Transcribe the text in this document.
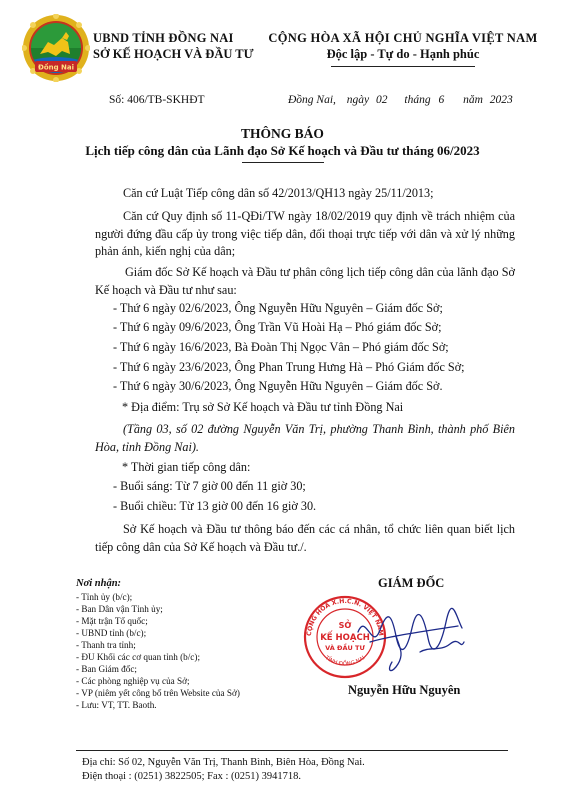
Đồng Nai
UBND TỈNH ĐỒNG NAI
SỞ KẾ HOẠCH VÀ ĐẦU TƯ
CỘNG HÒA XÃ HỘI CHỦ NGHĨA VIỆT NAM
Độc lập - Tự do - Hạnh phúc
Số: 406/TB-SKHĐT	Đồng Nai, ngày 02 tháng 6 năm 2023
THÔNG BÁO
Lịch tiếp công dân của Lãnh đạo Sở Kế hoạch và Đầu tư tháng 06/2023
Căn cứ Luật Tiếp công dân số 42/2013/QH13 ngày 25/11/2013;
Căn cứ Quy định số 11-QĐi/TW ngày 18/02/2019 quy định về trách nhiệm của người đứng đầu cấp ủy trong việc tiếp dân, đối thoại trực tiếp với dân và xử lý những phản ánh, kiến nghị của dân;
Giám đốc Sở Kế hoạch và Đầu tư phân công lịch tiếp công dân của lãnh đạo Sở Kế hoạch và Đầu tư như sau:
- Thứ 6 ngày 02/6/2023, Ông Nguyễn Hữu Nguyên – Giám đốc Sở;
- Thứ 6 ngày 09/6/2023, Ông Trần Vũ Hoài Hạ – Phó giám đốc Sở;
- Thứ 6 ngày 16/6/2023, Bà Đoàn Thị Ngọc Vân – Phó giám đốc Sở;
- Thứ 6 ngày 23/6/2023, Ông Phan Trung Hưng Hà – Phó Giám đốc Sở;
- Thứ 6 ngày 30/6/2023, Ông Nguyễn Hữu Nguyên – Giám đốc Sở.
* Địa điểm: Trụ sở Sở Kế hoạch và Đầu tư tỉnh Đồng Nai
(Tầng 03, số 02 đường Nguyễn Văn Trị, phường Thanh Bình, thành phố Biên Hòa, tỉnh Đồng Nai).
* Thời gian tiếp công dân:
- Buổi sáng: Từ 7 giờ 00 đến 11 giờ 30;
- Buổi chiều: Từ 13 giờ 00 đến 16 giờ 30.
Sở Kế hoạch và Đầu tư thông báo đến các cá nhân, tổ chức liên quan biết lịch tiếp công dân của Sở Kế hoạch và Đầu tư./.
Nơi nhận:
- Tỉnh ủy (b/c);
- Ban Dân vận Tỉnh ủy;
- Mặt trận Tổ quốc;
- UBND tỉnh (b/c);
- Thanh tra tỉnh;
- ĐU Khối các cơ quan tỉnh (b/c);
- Ban Giám đốc;
- Các phòng nghiệp vụ của Sở;
- VP (niêm yết công bố trên Website của Sở)
- Lưu: VT, TT. Baoth.
GIÁM ĐỐC
CỘNG HÒA X.H.C.N. VIỆT NAM
TỈNH ĐỒNG NAI
SỞ
KẾ HOẠCH
VÀ ĐẦU TƯ
Nguyễn Hữu Nguyên
Địa chỉ: Số 02, Nguyễn Văn Trị, Thanh Bình, Biên Hòa, Đồng Nai.
Điện thoại : (0251) 3822505; Fax : (0251) 3941718.
